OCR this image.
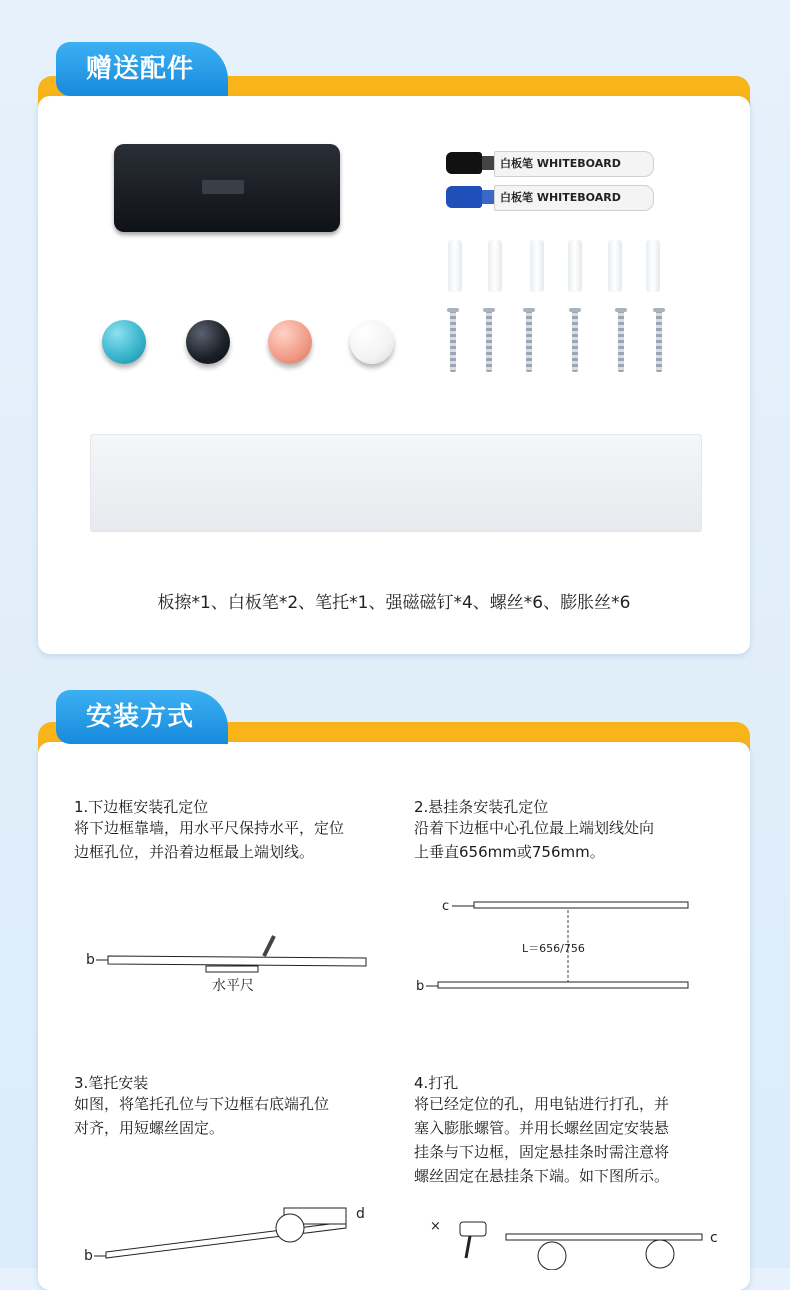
白板笔 WHITEBOARD
白板笔 WHITEBOARD
板擦*1、白板笔*2、笔托*1、强磁磁钉*4、螺丝*6、膨胀丝*6
赠送配件
1.下边框安装孔定位
将下边框靠墙，用水平尺保持水平，定位
边框孔位，并沿着边框最上端划线。
b
水平尺
2.悬挂条安装孔定位
沿着下边框中心孔位最上端划线处向
上垂直656mm或756mm。
c
L＝656/756
b
3.笔托安装
如图，将笔托孔位与下边框右底端孔位
对齐，用短螺丝固定。
b
d
4.打孔
将已经定位的孔，用电钻进行打孔，并
塞入膨胀螺管。并用长螺丝固定安装悬
挂条与下边框，固定悬挂条时需注意将
螺丝固定在悬挂条下端。如下图所示。
×
c
安装方式
